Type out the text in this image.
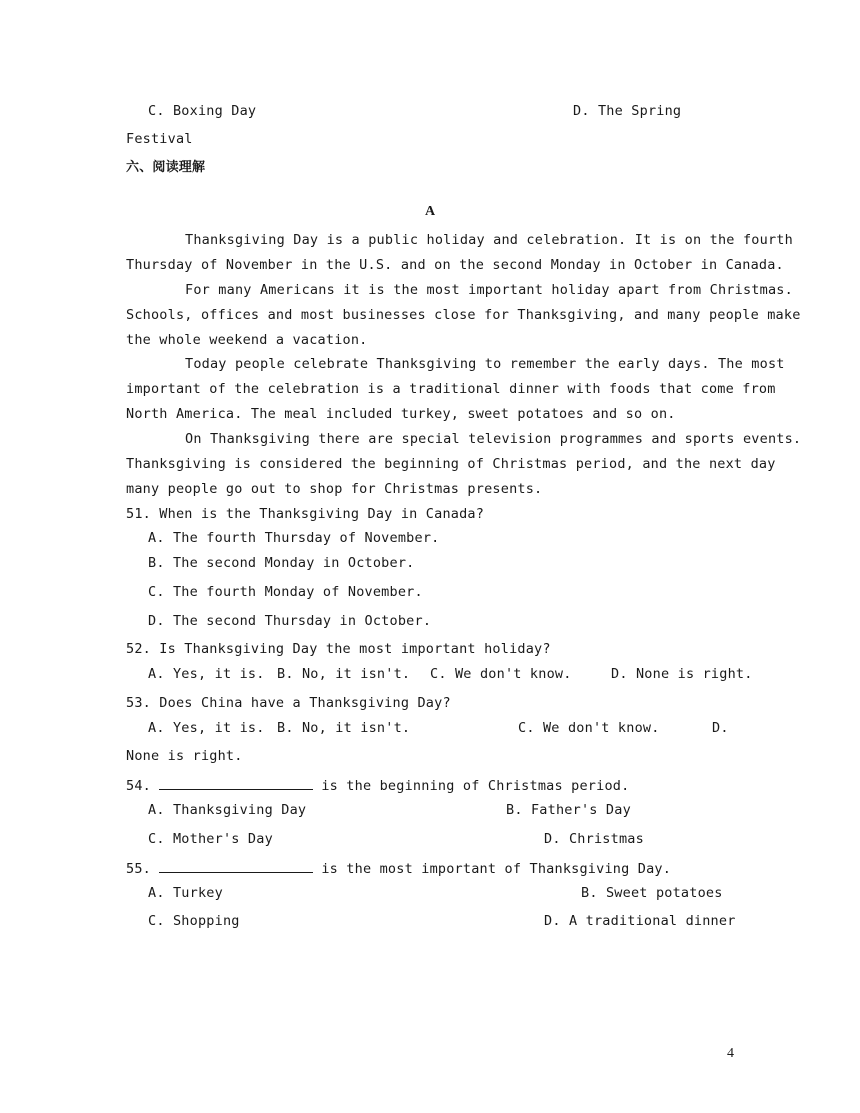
C. Boxing Day	D. The Spring
Festival
六、阅读理解
A
Thanksgiving Day is a public holiday and celebration. It is on the fourth
Thursday of November in the U.S. and on the second Monday in October in Canada.
For many Americans it is the most important holiday apart from Christmas.
Schools, offices and most businesses close for Thanksgiving, and many people make
the whole weekend a vacation.
Today people celebrate Thanksgiving to remember the early days. The most
important of the celebration is a traditional dinner with foods that come from
North America. The meal included turkey, sweet potatoes and so on.
On Thanksgiving there are special television programmes and sports events.
Thanksgiving is considered the beginning of Christmas period, and the next day
many people go out to shop for Christmas presents.
51. When is the Thanksgiving Day in Canada?
A. The fourth Thursday of November.
B. The second Monday in October.
C. The fourth Monday of November.
D. The second Thursday in October.
52. Is Thanksgiving Day the most important holiday?
A. Yes, it is. B. No, it isn't. C. We don't know.	D. None is right.
53. Does China have a Thanksgiving Day?
A. Yes, it is. B. No, it isn't.	C. We don't know.	D.
None is right.
54.	is the beginning of Christmas period.
A. Thanksgiving Day	B. Father's Day
C. Mother's Day	D. Christmas
55.	is the most important of Thanksgiving Day.
A. Turkey	B. Sweet potatoes
C. Shopping	D. A traditional dinner
4
